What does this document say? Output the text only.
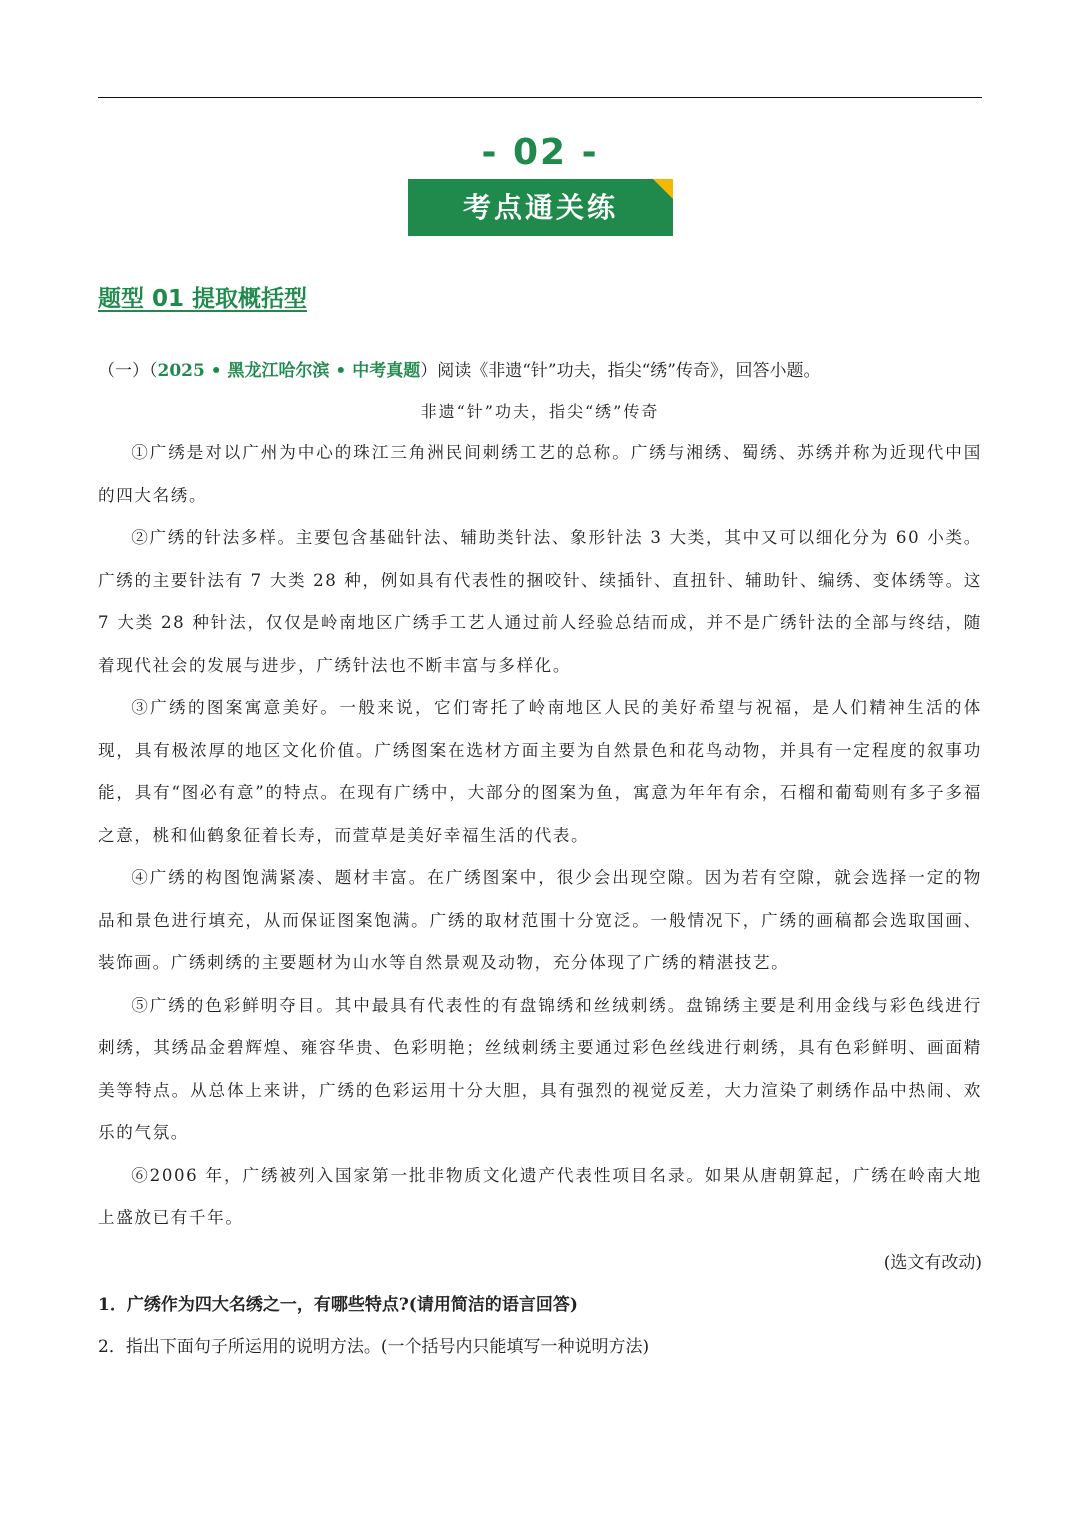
- 02 -
考点通关练
题型 01 提取概括型
（一）（2025 • 黑龙江哈尔滨 • 中考真题）阅读《非遗“针”功夫，指尖“绣”传奇》，回答小题。
非遗“针”功夫，指尖“绣”传奇

①广绣是对以广州为中心的珠江三角洲民间刺绣工艺的总称。广绣与湘绣、蜀绣、苏绣并称为近现代中国的四大名绣。

②广绣的针法多样。主要包含基础针法、辅助类针法、象形针法 3 大类，其中又可以细化分为 60 小类。广绣的主要针法有 7 大类 28 种，例如具有代表性的捆咬针、续插针、直扭针、辅助针、编绣、变体绣等。这 7 大类 28 种针法，仅仅是岭南地区广绣手工艺人通过前人经验总结而成，并不是广绣针法的全部与终结，随着现代社会的发展与进步，广绣针法也不断丰富与多样化。

③广绣的图案寓意美好。一般来说，它们寄托了岭南地区人民的美好希望与祝福，是人们精神生活的体现，具有极浓厚的地区文化价值。广绣图案在选材方面主要为自然景色和花鸟动物，并具有一定程度的叙事功能，具有“图必有意”的特点。在现有广绣中，大部分的图案为鱼，寓意为年年有余，石榴和葡萄则有多子多福之意，桃和仙鹤象征着长寿，而萱草是美好幸福生活的代表。

④广绣的构图饱满紧凑、题材丰富。在广绣图案中，很少会出现空隙。因为若有空隙，就会选择一定的物品和景色进行填充，从而保证图案饱满。广绣的取材范围十分宽泛。一般情况下，广绣的画稿都会选取国画、装饰画。广绣刺绣的主要题材为山水等自然景观及动物，充分体现了广绣的精湛技艺。

⑤广绣的色彩鲜明夺目。其中最具有代表性的有盘锦绣和丝绒刺绣。盘锦绣主要是利用金线与彩色线进行刺绣，其绣品金碧辉煌、雍容华贵、色彩明艳；丝绒刺绣主要通过彩色丝线进行刺绣，具有色彩鲜明、画面精美等特点。从总体上来讲，广绣的色彩运用十分大胆，具有强烈的视觉反差，大力渲染了刺绣作品中热闹、欢乐的气氛。

⑥2006 年，广绣被列入国家第一批非物质文化遗产代表性项目名录。如果从唐朝算起，广绣在岭南大地上盛放已有千年。

(选文有改动)
1．广绣作为四大名绣之一，有哪些特点?(请用简洁的语言回答)
2．指出下面句子所运用的说明方法。(一个括号内只能填写一种说明方法)
